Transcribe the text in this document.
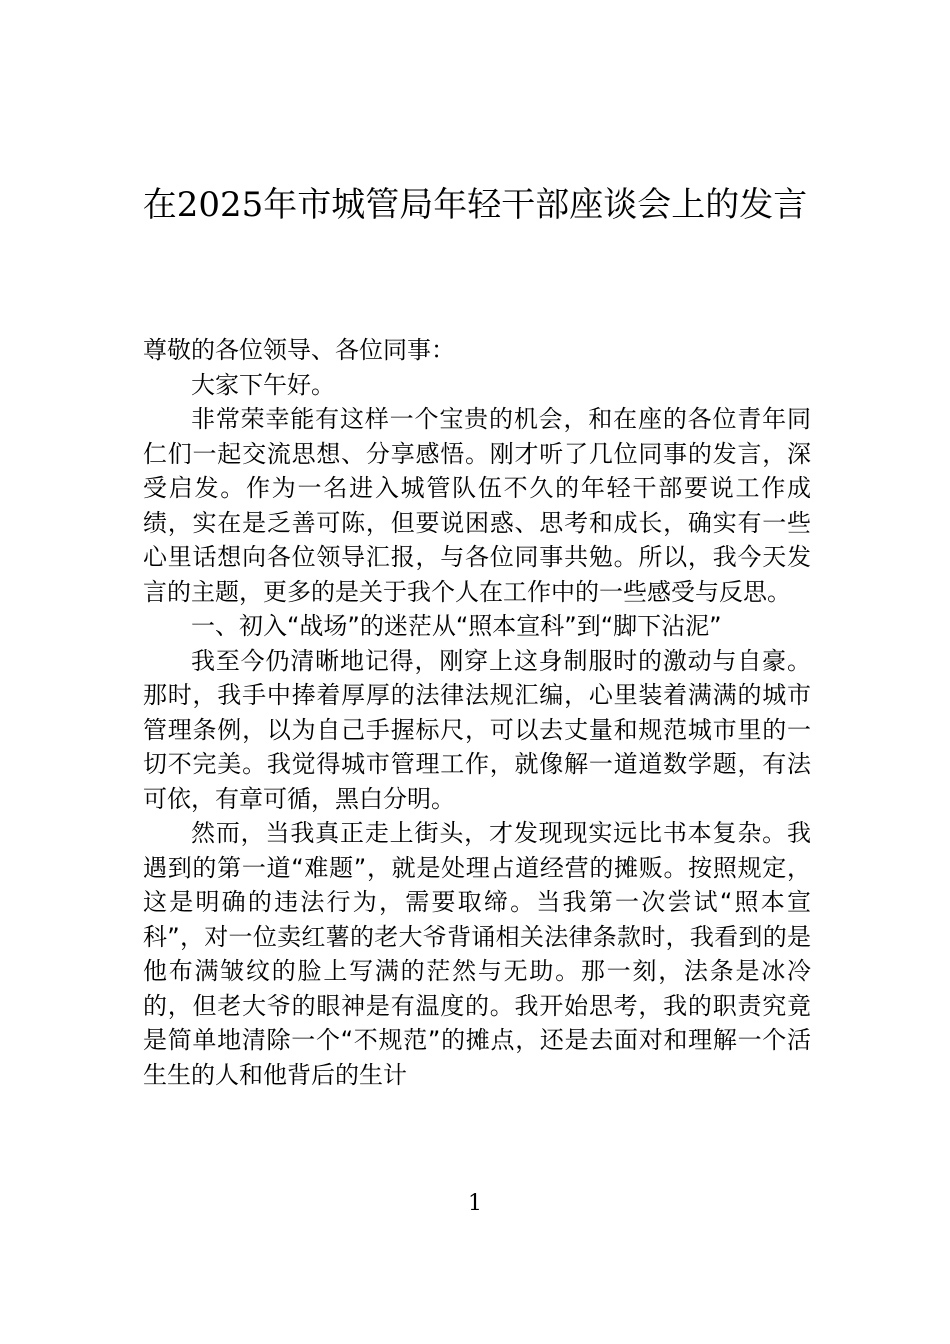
在2025年市城管局年轻干部座谈会上的发言

尊敬的各位领导、各位同事：

大家下午好。

非常荣幸能有这样一个宝贵的机会，和在座的各位青年同仁们一起交流思想、分享感悟。刚才听了几位同事的发言，深受启发。作为一名进入城管队伍不久的年轻干部要说工作成绩，实在是乏善可陈，但要说困惑、思考和成长，确实有一些心里话想向各位领导汇报，与各位同事共勉。所以，我今天发言的主题，更多的是关于我个人在工作中的一些感受与反思。

一、初入“战场”的迷茫从“照本宣科”到“脚下沾泥”

我至今仍清晰地记得，刚穿上这身制服时的激动与自豪。那时，我手中捧着厚厚的法律法规汇编，心里装着满满的城市管理条例，以为自己手握标尺，可以去丈量和规范城市里的一切不完美。我觉得城市管理工作，就像解一道道数学题，有法可依，有章可循，黑白分明。

然而，当我真正走上街头，才发现现实远比书本复杂。我遇到的第一道“难题”，就是处理占道经营的摊贩。按照规定，这是明确的违法行为，需要取缔。当我第一次尝试“照本宣科”，对一位卖红薯的老大爷背诵相关法律条款时，我看到的是他布满皱纹的脸上写满的茫然与无助。那一刻，法条是冰冷的，但老大爷的眼神是有温度的。我开始思考，我的职责究竟是简单地清除一个“不规范”的摊点，还是去面对和理解一个活生生的人和他背后的生计

1
